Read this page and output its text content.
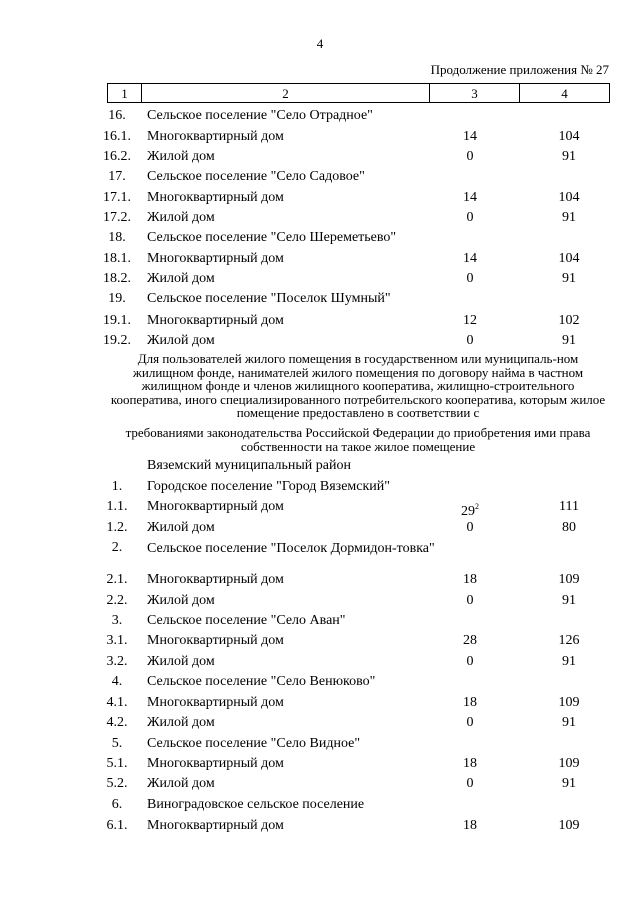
4
Продолжение приложения № 27
1	2	3	4
16.	Сельское поселение "Село Отрадное"
16.1.	Многоквартирный дом	14	104
16.2.	Жилой дом	0	91
17.	Сельское поселение "Село Садовое"
17.1.	Многоквартирный дом	14	104
17.2.	Жилой дом	0	91
18.	Сельское поселение "Село Шереметьево"
18.1.	Многоквартирный дом	14	104
18.2.	Жилой дом	0	91
19.	Сельское поселение "Поселок Шумный"
19.1.	Многоквартирный дом	12	102
19.2.	Жилой дом	0	91
Для пользователей жилого помещения в государственном или муниципаль-ном жилищном фонде, нанимателей жилого помещения по договору найма в частном жилищном фонде и членов жилищного кооператива, жилищно-строительного кооператива, иного специализированного потребительского кооператива, которым жилое помещение предоставлено в соответствии с
требованиями законодательства Российской Федерации до приобретения ими права собственности на такое жилое помещение
Вяземский муниципальный район
1.	Городское поселение "Город Вяземский"
1.1.	Многоквартирный дом	$29^2$	111
1.2.	Жилой дом	0	80
2.	Сельское поселение "Поселок Дормидон-товка"
2.1.	Многоквартирный дом	18	109
2.2.	Жилой дом	0	91
3.	Сельское поселение "Село Аван"
3.1.	Многоквартирный дом	28	126
3.2.	Жилой дом	0	91
4.	Сельское поселение "Село Венюково"
4.1.	Многоквартирный дом	18	109
4.2.	Жилой дом	0	91
5.	Сельское поселение "Село Видное"
5.1.	Многоквартирный дом	18	109
5.2.	Жилой дом	0	91
6.	Виноградовское сельское поселение
6.1.	Многоквартирный дом	18	109
